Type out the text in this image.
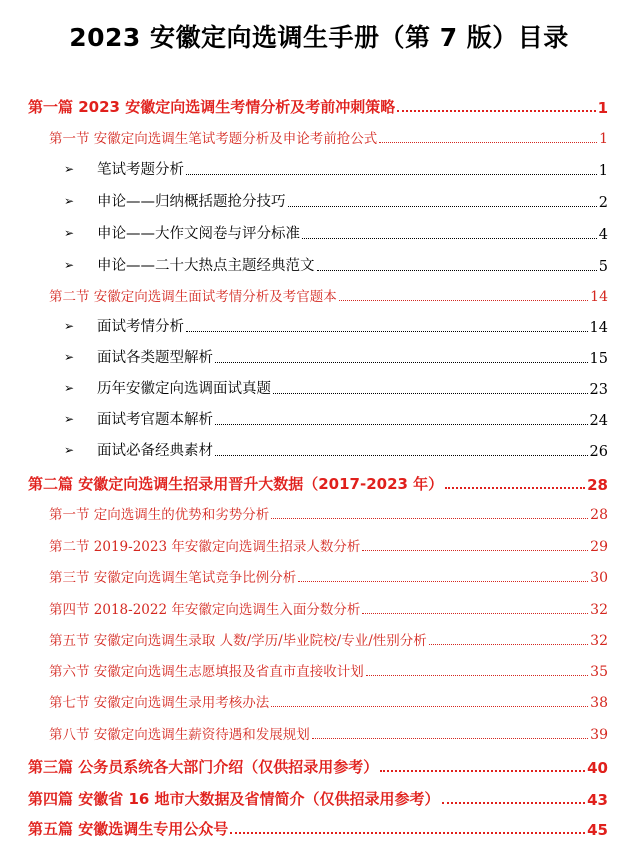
2023 安徽定向选调生手册（第 7 版）目录
第一篇 2023 安徽定向选调生考情分析及考前冲刺策略	1
第一节 安徽定向选调生笔试考题分析及申论考前抢公式	1
➢	笔试考题分析	1
➢	申论——归纳概括题抢分技巧	2
➢	申论——大作文阅卷与评分标准	4
➢	申论——二十大热点主题经典范文	5
第二节 安徽定向选调生面试考情分析及考官题本	14
➢	面试考情分析	14
➢	面试各类题型解析	15
➢	历年安徽定向选调面试真题	23
➢	面试考官题本解析	24
➢	面试必备经典素材	26
第二篇 安徽定向选调生招录用晋升大数据（2017-2023 年）	28
第一节 定向选调生的优势和劣势分析	28
第二节 2019-2023 年安徽定向选调生招录人数分析	29
第三节 安徽定向选调生笔试竞争比例分析	30
第四节 2018-2022 年安徽定向选调生入面分数分析	32
第五节 安徽定向选调生录取 人数/学历/毕业院校/专业/性别分析	32
第六节 安徽定向选调生志愿填报及省直市直接收计划	35
第七节 安徽定向选调生录用考核办法	38
第八节 安徽定向选调生薪资待遇和发展规划	39
第三篇 公务员系统各大部门介绍（仅供招录用参考）	40
第四篇 安徽省 16 地市大数据及省情简介（仅供招录用参考）	43
第五篇 安徽选调生专用公众号	45
